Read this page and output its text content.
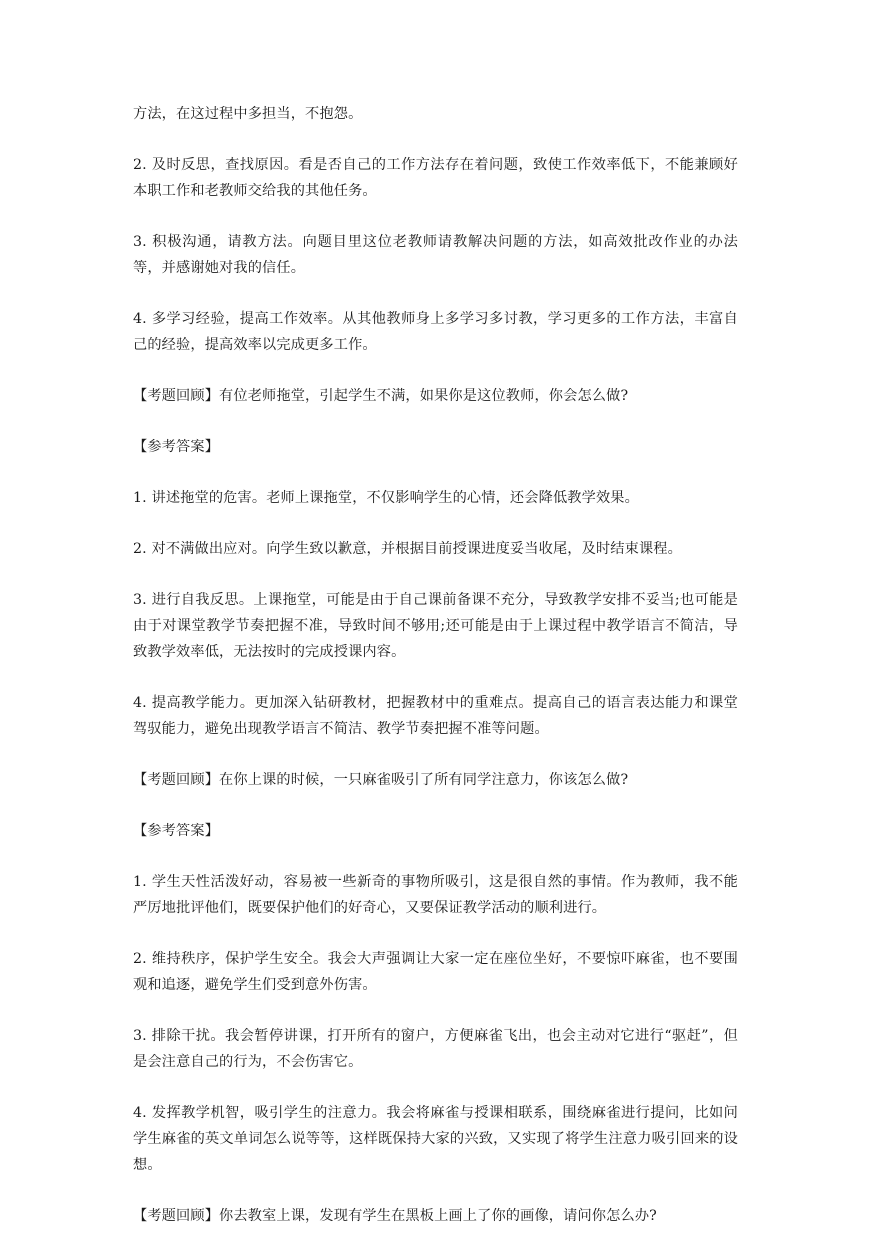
方法，在这过程中多担当，不抱怨。

2. 及时反思，查找原因。看是否自己的工作方法存在着问题，致使工作效率低下，不能兼顾好本职工作和老教师交给我的其他任务。

3. 积极沟通，请教方法。向题目里这位老教师请教解决问题的方法，如高效批改作业的办法等，并感谢她对我的信任。

4. 多学习经验，提高工作效率。从其他教师身上多学习多讨教，学习更多的工作方法，丰富自己的经验，提高效率以完成更多工作。

【考题回顾】有位老师拖堂，引起学生不满，如果你是这位教师，你会怎么做?

【参考答案】

1. 讲述拖堂的危害。老师上课拖堂，不仅影响学生的心情，还会降低教学效果。

2. 对不满做出应对。向学生致以歉意，并根据目前授课进度妥当收尾，及时结束课程。

3. 进行自我反思。上课拖堂，可能是由于自己课前备课不充分，导致教学安排不妥当;也可能是由于对课堂教学节奏把握不准，导致时间不够用;还可能是由于上课过程中教学语言不简洁，导致教学效率低，无法按时的完成授课内容。

4. 提高教学能力。更加深入钻研教材，把握教材中的重难点。提高自己的语言表达能力和课堂驾驭能力，避免出现教学语言不简洁、教学节奏把握不准等问题。

【考题回顾】在你上课的时候，一只麻雀吸引了所有同学注意力，你该怎么做?

【参考答案】

1. 学生天性活泼好动，容易被一些新奇的事物所吸引，这是很自然的事情。作为教师，我不能严厉地批评他们，既要保护他们的好奇心，又要保证教学活动的顺利进行。

2. 维持秩序，保护学生安全。我会大声强调让大家一定在座位坐好，不要惊吓麻雀，也不要围观和追逐，避免学生们受到意外伤害。

3. 排除干扰。我会暂停讲课，打开所有的窗户，方便麻雀飞出，也会主动对它进行“驱赶”，但是会注意自己的行为，不会伤害它。

4. 发挥教学机智，吸引学生的注意力。我会将麻雀与授课相联系，围绕麻雀进行提问，比如问学生麻雀的英文单词怎么说等等，这样既保持大家的兴致，又实现了将学生注意力吸引回来的设想。

【考题回顾】你去教室上课，发现有学生在黑板上画上了你的画像，请问你怎么办?
